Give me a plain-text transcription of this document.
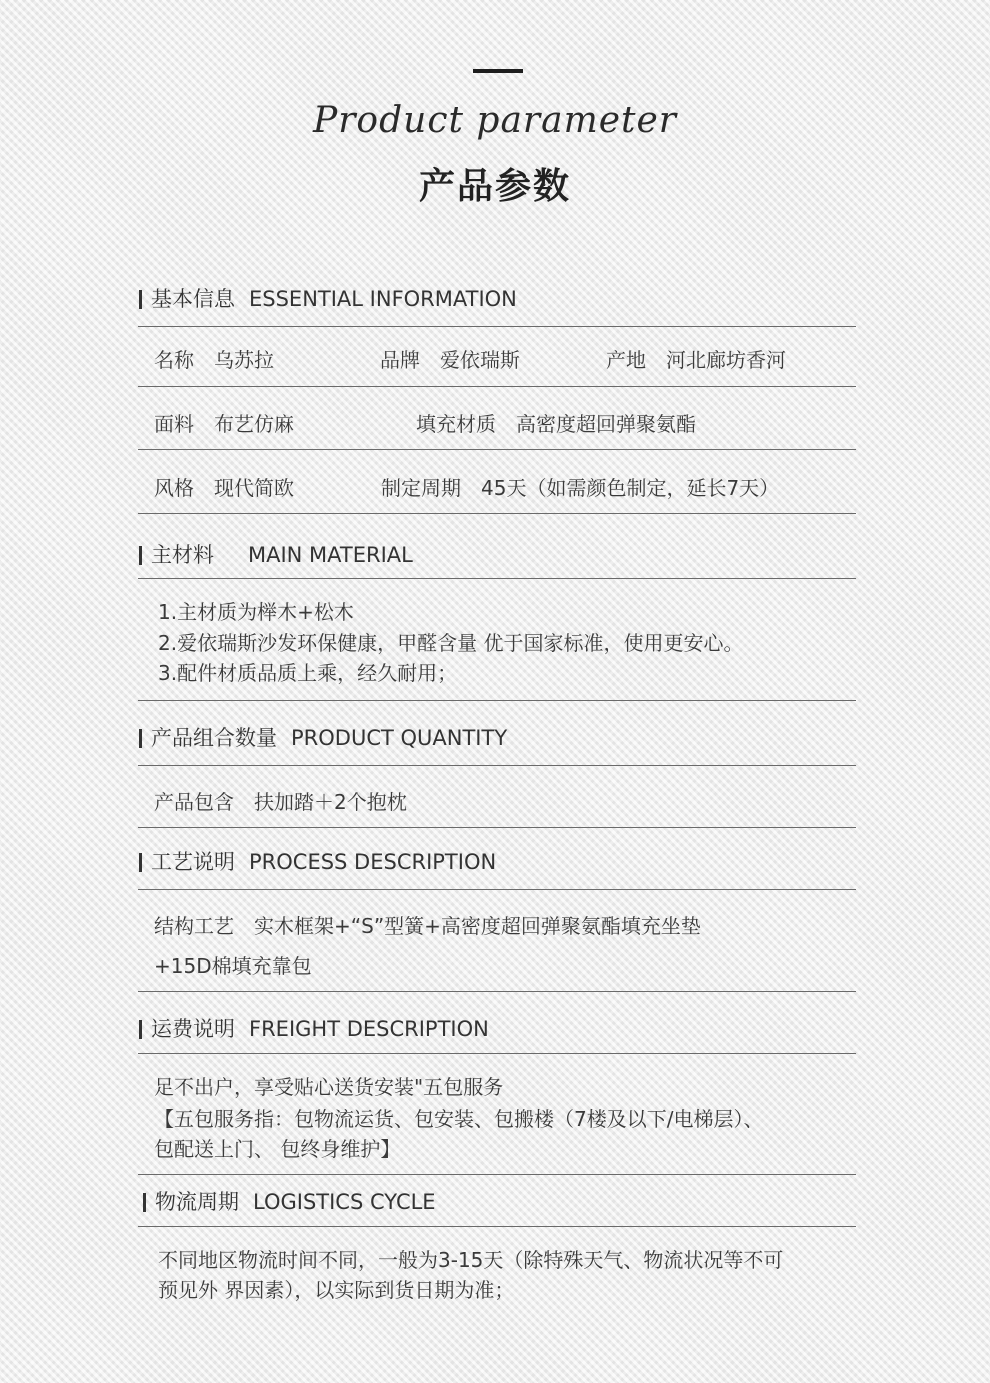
Product parameter
产品参数
基本信息 ESSENTIAL INFORMATION
名称 乌苏拉	品牌 爱依瑞斯	产地 河北廊坊香河
面料 布艺仿麻	填充材质 高密度超回弹聚氨酯
风格 现代简欧	制定周期 45天（如需颜色制定，延长7天）
主材料 MAIN MATERIAL
1.主材质为榉木+松木
2.爱依瑞斯沙发环保健康，甲醛含量 优于国家标准，使用更安心。
3.配件材质品质上乘，经久耐用；
产品组合数量 PRODUCT QUANTITY
产品包含 扶加踏＋2个抱枕
工艺说明 PROCESS DESCRIPTION
结构工艺 实木框架+“S”型簧+高密度超回弹聚氨酯填充坐垫
+15D棉填充靠包
运费说明 FREIGHT DESCRIPTION
足不出户，享受贴心送货安装"五包服务
【五包服务指：包物流运货、包安装、包搬楼（7楼及以下/电梯层）、
包配送上门、 包终身维护】
物流周期 LOGISTICS CYCLE
不同地区物流时间不同，一般为3-15天（除特殊天气、物流状况等不可
预见外 界因素），以实际到货日期为准；
